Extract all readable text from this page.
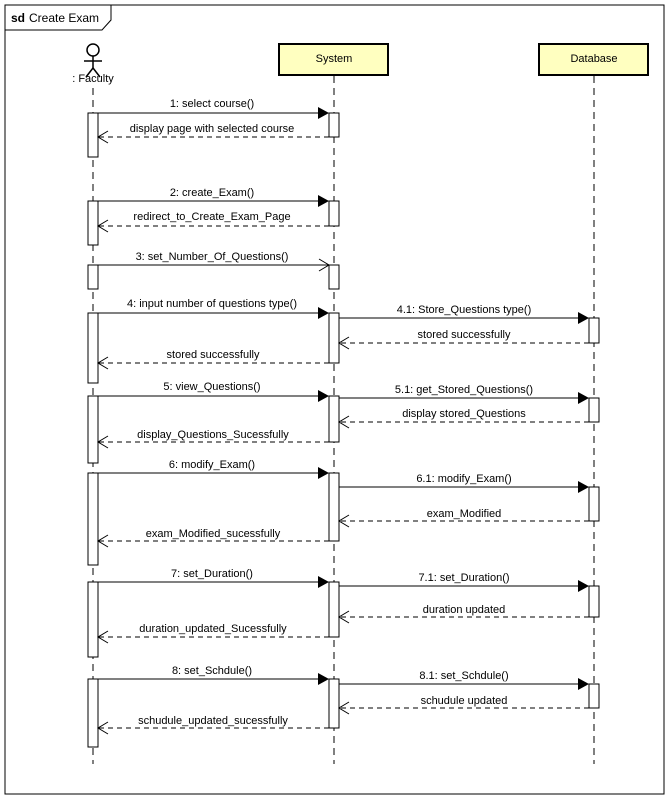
sd Create Exam
: Faculty
System	Database
1: select course()
display page with selected course
2: create_Exam()
redirect_to_Create_Exam_Page
3: set_Number_Of_Questions()
4: input number of questions type()	4.1: Store_Questions type()
stored successfully
stored successfully
5: view_Questions()	5.1: get_Stored_Questions()
display stored_Questions
display_Questions_Sucessfully
6: modify_Exam()
6.1: modify_Exam()
exam_Modified
exam_Modified_sucessfully
7: set_Duration()	7.1: set_Duration()
duration updated
duration_updated_Sucessfully
8: set_Schdule()	8.1: set_Schdule()
schudule updated
schudule_updated_sucessfully
